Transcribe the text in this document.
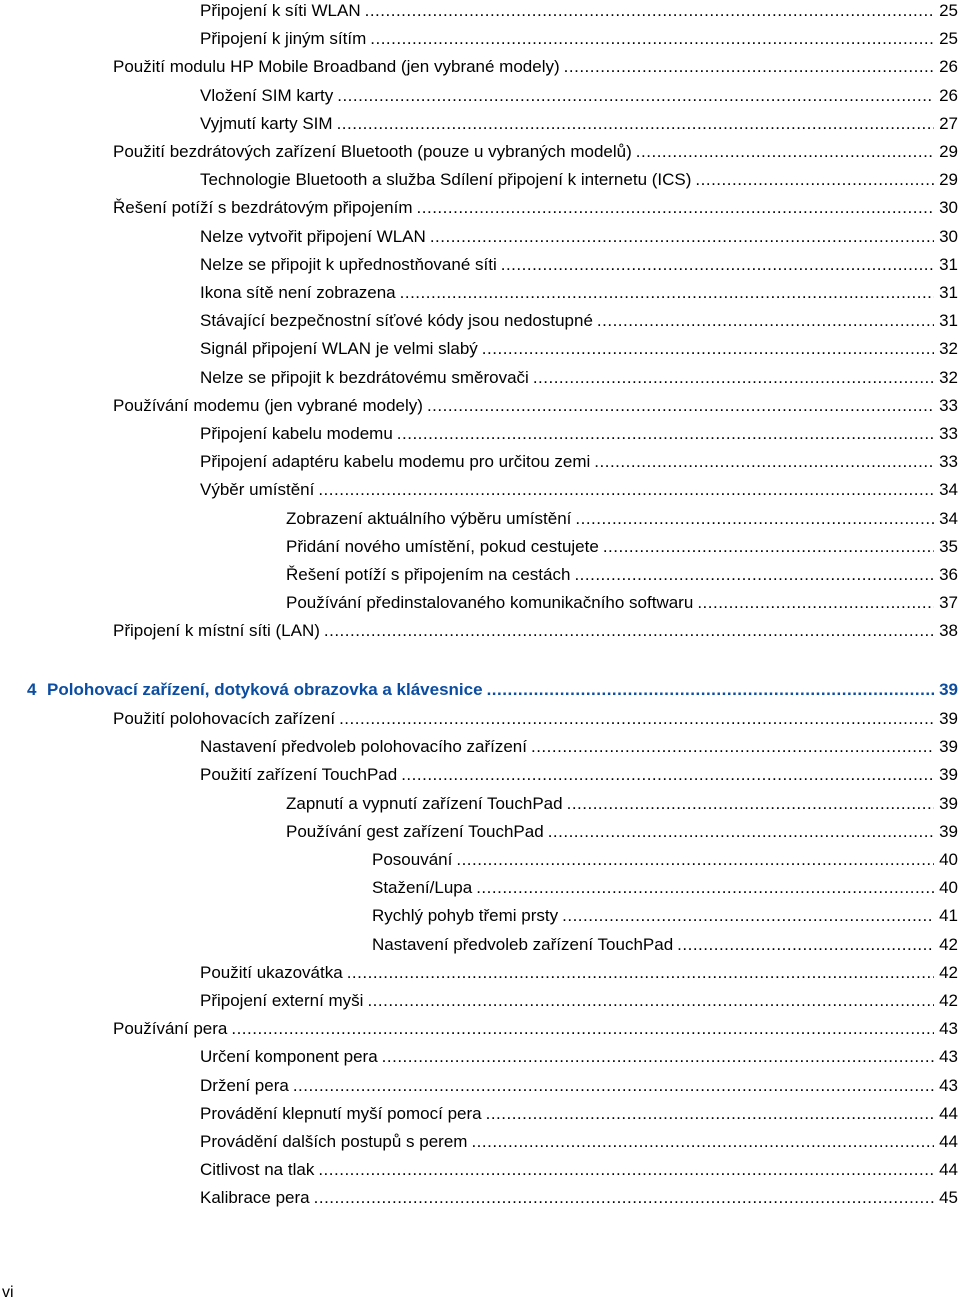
Připojení k síti WLAN .....	25
Připojení k jiným sítím .....	25
Použití modulu HP Mobile Broadband (jen vybrané modely) .....	26
Vložení SIM karty .....	26
Vyjmutí karty SIM .....	27
Použití bezdrátových zařízení Bluetooth (pouze u vybraných modelů) .....	29
Technologie Bluetooth a služba Sdílení připojení k internetu (ICS) .....	29
Řešení potíží s bezdrátovým připojením .....	30
Nelze vytvořit připojení WLAN .....	30
Nelze se připojit k upřednostňované síti .....	31
Ikona sítě není zobrazena .....	31
Stávající bezpečnostní síťové kódy jsou nedostupné .....	31
Signál připojení WLAN je velmi slabý .....	32
Nelze se připojit k bezdrátovému směrovači .....	32
Používání modemu (jen vybrané modely) .....	33
Připojení kabelu modemu .....	33
Připojení adaptéru kabelu modemu pro určitou zemi .....	33
Výběr umístění .....	34
Zobrazení aktuálního výběru umístění .....	34
Přidání nového umístění, pokud cestujete .....	35
Řešení potíží s připojením na cestách .....	36
Používání předinstalovaného komunikačního softwaru .....	37
Připojení k místní síti (LAN) .....	38
4 Polohovací zařízení, dotyková obrazovka a klávesnice .....	39
Použití polohovacích zařízení .....	39
Nastavení předvoleb polohovacího zařízení .....	39
Použití zařízení TouchPad .....	39
Zapnutí a vypnutí zařízení TouchPad .....	39
Používání gest zařízení TouchPad .....	39
Posouvání .....	40
Stažení/Lupa .....	40
Rychlý pohyb třemi prsty .....	41
Nastavení předvoleb zařízení TouchPad .....	42
Použití ukazovátka .....	42
Připojení externí myši .....	42
Používání pera .....	43
Určení komponent pera .....	43
Držení pera .....	43
Provádění klepnutí myší pomocí pera .....	44
Provádění dalších postupů s perem .....	44
Citlivost na tlak .....	44
Kalibrace pera .....	45
vi
